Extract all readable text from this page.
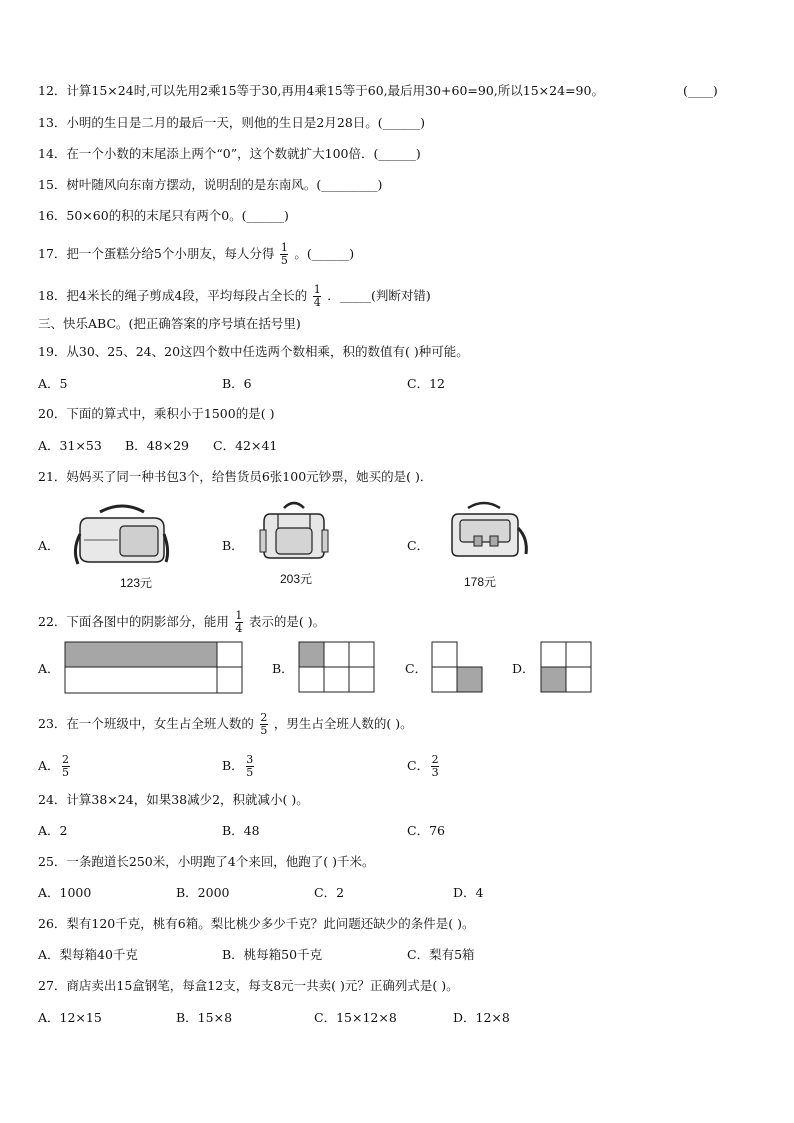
12．计算15×24时,可以先用2乘15等于30,再用4乘15等于60,最后用30+60=90,所以15×24=90。	(____)
13．小明的生日是二月的最后一天，则他的生日是2月28日。(______)
14．在一个小数的末尾添上两个“0”，这个数就扩大100倍．(______)
15．树叶随风向东南方摆动，说明刮的是东南风。(_________)
16．50×60的积的末尾只有两个0。(______)
17．把一个蛋糕分给5个小朋友，每人分得 $\frac{1}{5}$ 。(______)
18．把4米长的绳子剪成4段，平均每段占全长的 $\frac{1}{4}$ ．_____(判断对错)
三、快乐ABC。(把正确答案的序号填在括号里)
19．从30、25、24、20这四个数中任选两个数相乘，积的数值有( )种可能。
A．5	B．6	C．12
20．下面的算式中，乘积小于1500的是( )
A．31×53 B．48×29 C．42×41
21．妈妈买了同一种书包3个，给售货员6张100元钞票，她买的是( )．
A．	B．	C．
123元	203元	178元
22．下面各图中的阴影部分，能用 $\frac{1}{4}$ 表示的是( )。
A．	B．	C．	D．
23．在一个班级中，女生占全班人数的 $\frac{2}{5}$ ，男生占全班人数的( )。
A． $\frac{2}{5}$	B． $\frac{3}{5}$	C． $\frac{2}{3}$
24．计算38×24，如果38减少2，积就减小( )。
A．2	B．48	C．76
25．一条跑道长250米，小明跑了4个来回，他跑了( )千米。
A．1000	B．2000	C．2	D．4
26．梨有120千克，桃有6箱。梨比桃少多少千克？此问题还缺少的条件是( )。
A．梨每箱40千克	B．桃每箱50千克	C．梨有5箱
27．商店卖出15盒钢笔，每盒12支，每支8元一共卖( )元？正确列式是( )。
A．12×15	B．15×8	C．15×12×8	D．12×8
